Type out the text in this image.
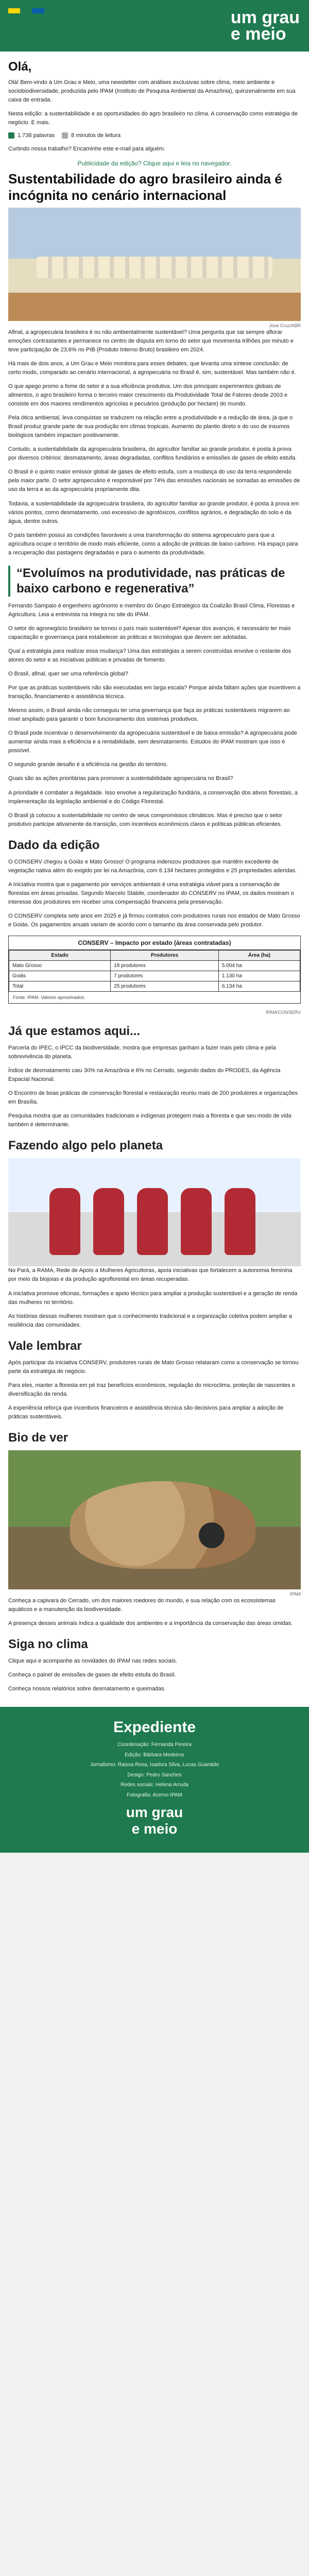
um grau
e meio
Olá,

Olá! Bem-vindo à Um Grau e Meio, uma newsletter com análises exclusivas sobre clima, meio ambiente e sociobiodiversidade, produzida pelo IPAM (Instituto de Pesquisa Ambiental da Amazônia), quinzenalmente em sua caixa de entrada.

Nesta edição: a sustentabilidade e as oportunidades do agro brasileiro no clima. A conservação como estratégia de negócio. E mais.

1.738 palavras	8 minutos de leitura

Curtindo nossa trabalho? Encaminhe este e-mail para alguém.

Publicidade da edição? Clique aqui e leia no navegador.
Sustentabilidade do agro brasileiro ainda é incógnita no cenário internacional
Jose Cruz/ABR

Afinal, a agropecuária brasileira é ou não ambientalmente sustentável? Uma pergunta que sai sempre aflorar emoções contrastantes e permanece no centro de disputa em torno do setor que movimenta trilhões por minuto e teve participação de 23,6% no PIB (Produto Interno Bruto) brasileiro em 2024.

Há mais de dois anos, a Um Grau e Meio monitora para esses debates, que levanta uma síntese conclusão: de certo modo, comparado ao cenário internacional, a agropecuária no Brasil é, sim, sustentável. Mas também não é.

O que apego promo a fome do setor é a sua eficiência produtiva. Um dos principais experimentos globais de alimentos, o agro brasileiro forma o terceiro maior crescimento da Produtividade Total de Fatores desde 2003 e consiste em dos maiores rendimentos agrícolas e pecuários (produção por hectare) do mundo.

Pela ótica ambiental, leva conquistas se traduzem na relação entre a produtividade e a redução de área, já que o Brasil produz grande parte de sua produção em climas tropicais. Aumento do plantio direto e do uso de insumos biológicos também impactam positivamente.

Contudo, a sustentabilidade da agropecuária brasileira, do agricultor familiar ao grande produtor, é posta à prova por diversos critérios: desmatamento, áreas degradadas, conflitos fundiários e emissões de gases de efeito estufa.

O Brasil é o quinto maior emissor global de gases de efeito estufa, com a mudança do uso da terra respondendo pela maior parte. O setor agropecuário é responsável por 74% das emissões nacionais se somadas as emissões de uso da terra e as da agropecuária propriamente dita.

Todavia, a sustentabilidade da agropecuária brasileira, do agricultor familiar ao grande produtor, é posta à prova em vários pontos, como desmatamento, uso excessivo de agrotóxicos, conflitos agrários, e degradação do solo e da água, dentre outros.

O país também possui as condições favoráveis a uma transformação do sistema agropecuário para que a agricultura ocupe o território de modo mais eficiente, como a adoção de práticas de baixo carbono. Há espaço para a recuperação das pastagens degradadas e para o aumento da produtividade.

“Evoluímos na produtividade, nas práticas de baixo carbono e regenerativa”

Fernando Sampaio é engenheiro agrônomo e membro do Grupo Estratégico da Coalizão Brasil Clima, Florestas e Agricultura. Leia a entrevista na íntegra no site do IPAM.

O setor do agronegócio brasileiro se tornou o país mais sustentável? Apesar dos avanços, é necessário ter mais capacitação e governança para estabelecer as práticas e tecnologias que devem ser adotadas.

Qual a estratégia para realizar essa mudança? Uma das estratégias a serem construídas envolve o restante dos atores do setor e as iniciativas públicas e privadas de fomento.

O Brasil, afinal, quer ser uma referência global?

Por que as práticas sustentáveis não são executadas em larga escala? Porque ainda faltam ações que incentivem a transição, financiamento e assistência técnica.

Mesmo assim, o Brasil ainda não conseguiu ter uma governança que faça as práticas sustentáveis migrarem ao nível ampliado para garantir o bom funcionamento dos sistemas produtivos.

O Brasil pode incentivar o desenvolvimento da agropecuária sustentável e de baixa emissão? A agropecuária pode aumentar ainda mais a eficiência e a rentabilidade, sem desmatamento. Estudos do IPAM mostram que isso é possível.

O segundo grande desafio é a eficiência na gestão do território.

Quais são as ações prioritárias para promover a sustentabilidade agropecuária no Brasil?

A prioridade é combater a ilegalidade. Isso envolve a regularização fundiária, a conservação dos ativos florestais, a implementação da legislação ambiental e do Código Florestal.

O Brasil já colocou a sustentabilidade no centro de seus compromissos climáticos. Mas é preciso que o setor produtivo participe ativamente da transição, com incentivos econômicos claros e políticas públicas eficientes.

Dado da edição

O CONSERV chegou a Goiás e Mato Grosso! O programa indenizou produtores que mantêm excedente de vegetação nativa além do exigido por lei na Amazônia, com 6.134 hectares protegidos e 25 propriedades aderidas.

A iniciativa mostra que o pagamento por serviços ambientais é uma estratégia viável para a conservação de florestas em áreas privadas. Segundo Marcelo Stabile, coordenador do CONSERV no IPAM, os dados mostram o interesse dos produtores em receber uma compensação financeira pela preservação.

O CONSERV completa sete anos em 2025 e já firmou contratos com produtores rurais nos estados de Mato Grosso e Goiás. Os pagamentos anuais variam de acordo com o tamanho da área conservada pelo produtor.

CONSERV – Impacto por estado (áreas contratadas)
Estado	Produtores	Área (ha)
Mato Grosso	18 produtores	5.004 ha
Goiás	7 produtores	1.130 ha
Total	25 produtores	6.134 ha
Fonte: IPAM. Valores aproximados.
IPAM/CONSERV
Já que estamos aqui...

Parceria do IPEC, o IPCC da biodiversidade, mostra que empresas ganham a fazer mais pelo clima e pela sobrevivência do planeta.

Índice de desmatamento caiu 30% na Amazônia e 6% no Cerrado, segundo dados do PRODES, da Agência Espacial Nacional.

O Encontro de boas práticas de conservação florestal e restauração reuniu mais de 200 produtores e organizações em Brasília.

Pesquisa mostra que as comunidades tradicionais e indígenas protegem mais a floresta e que seu modo de vida também é determinante.

Fazendo algo pelo planeta

No Pará, a RAMA, Rede de Apoio a Mulheres Agricultoras, apoia iniciativas que fortalecem a autonomia feminina por meio da biojoias e da produção agroflorestal em áreas recuperadas.

A iniciativa promove oficinas, formações e apoio técnico para ampliar a produção sustentável e a geração de renda das mulheres no território.

As histórias dessas mulheres mostram que o conhecimento tradicional e a organização coletiva podem ampliar a resiliência das comunidades.

Vale lembrar

Após participar da iniciativa CONSERV, produtores rurais de Mato Grosso relataram como a conservação se tornou parte da estratégia de negócio.

Para eles, manter a floresta em pé traz benefícios econômicos, regulação do microclima, proteção de nascentes e diversificação da renda.

A experiência reforça que incentivos financeiros e assistência técnica são decisivos para ampliar a adoção de práticas sustentáveis.

Bio de ver
IPAM

Conheça a capivara do Cerrado, um dos maiores roedores do mundo, e sua relação com os ecossistemas aquáticos e a manutenção da biodiversidade.

A presença desses animais indica a qualidade dos ambientes e a importância da conservação das áreas úmidas.

Siga no clima

Clique aqui e acompanhe as novidades do IPAM nas redes sociais.

Conheça o painel de emissões de gases de efeito estufa do Brasil.

Conheça nossos relatórios sobre desmatamento e queimadas.

Expediente

Coordenação: Fernanda Pereira

Edição: Bárbara Medeiros

Jornalismo: Raissa Rosa, Isadora Silva, Lucas Guaraldo

Design: Pedro Sanches

Redes sociais: Helena Arruda

Fotografia: Acervo IPAM

um grau
e meio
